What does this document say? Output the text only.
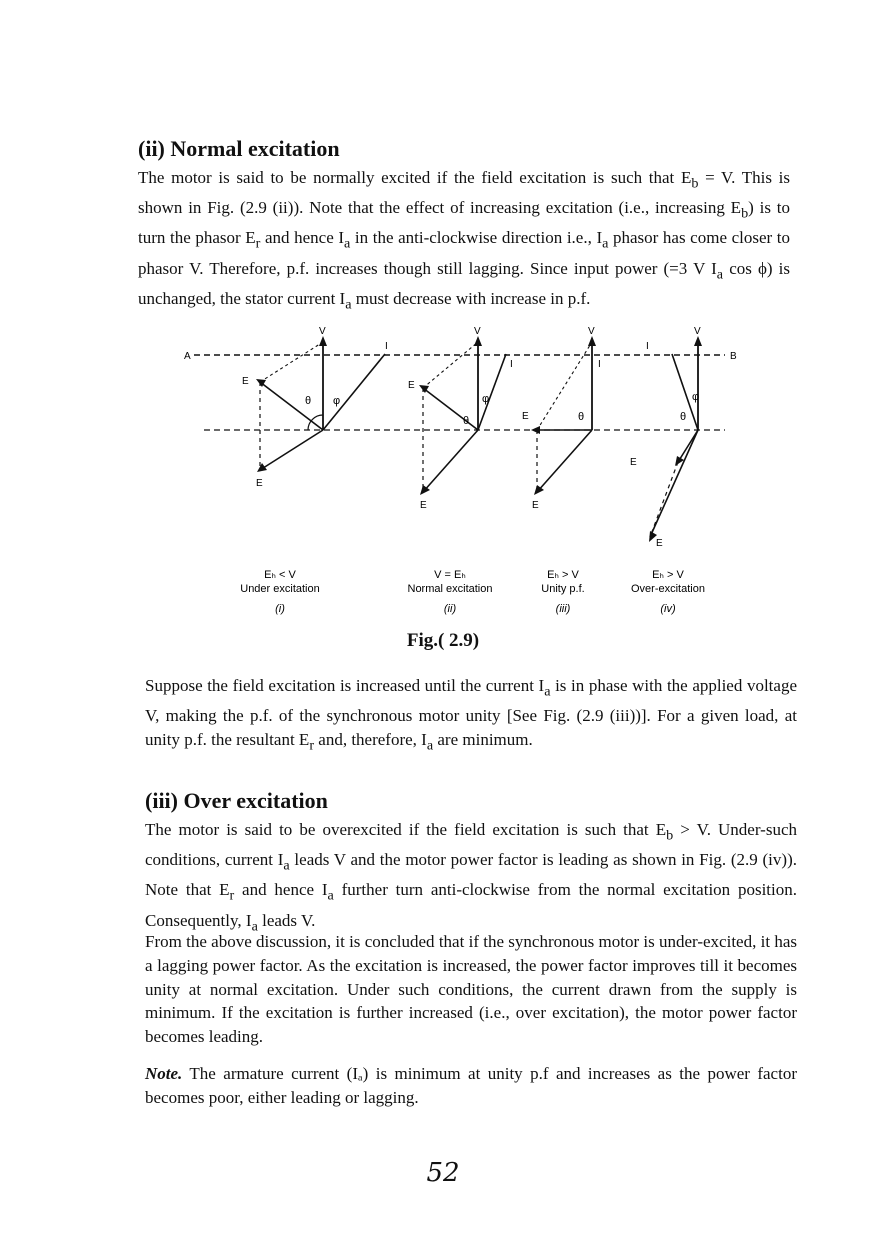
(ii) Normal excitation
The motor is said to be normally excited if the field excitation is such that $E_b = V$. This is shown in Fig. (2.9 (ii)). Note that the effect of increasing excitation (i.e., increasing $E_b$) is to turn the phasor $E_r$ and hence $I_a$ in the anti-clockwise direction i.e., $I_a$ phasor has come closer to phasor V. Therefore, p.f. increases though still lagging. Since input power (=3 V $I_a$ cos ϕ) is unchanged, the stator current $I_a$ must decrease with increase in p.f.
A	B
V
I
E
E
θ φ
V
I
E
E
θ
φ
V
I
E
E
θ
V
I
E
E
θ
φ
Eₕ < V
Under excitation
(i)
V = Eₕ
Normal excitation
(ii)
Eₕ > V
Unity p.f.
(iii)
Eₕ > V
Over-excitation
(iv)
Fig.( 2.9)
Suppose the field excitation is increased until the current $I_a$ is in phase with the applied voltage V, making the p.f. of the synchronous motor unity [See Fig. (2.9 (iii))]. For a given load, at unity p.f. the resultant $E_r$ and, therefore, $I_a$ are minimum.
(iii) Over excitation
The motor is said to be overexcited if the field excitation is such that $E_b > V$. Under-such conditions, current $I_a$ leads V and the motor power factor is leading as shown in Fig. (2.9 (iv)). Note that $E_r$ and hence $I_a$ further turn anti-clockwise from the normal excitation position. Consequently, $I_a$ leads V.
From the above discussion, it is concluded that if the synchronous motor is under-excited, it has a lagging power factor. As the excitation is increased, the power factor improves till it becomes unity at normal excitation. Under such conditions, the current drawn from the supply is minimum. If the excitation is further increased (i.e., over excitation), the motor power factor becomes leading.
Note. The armature current (Iₐ) is minimum at unity p.f and increases as the power factor becomes poor, either leading or lagging.
52
